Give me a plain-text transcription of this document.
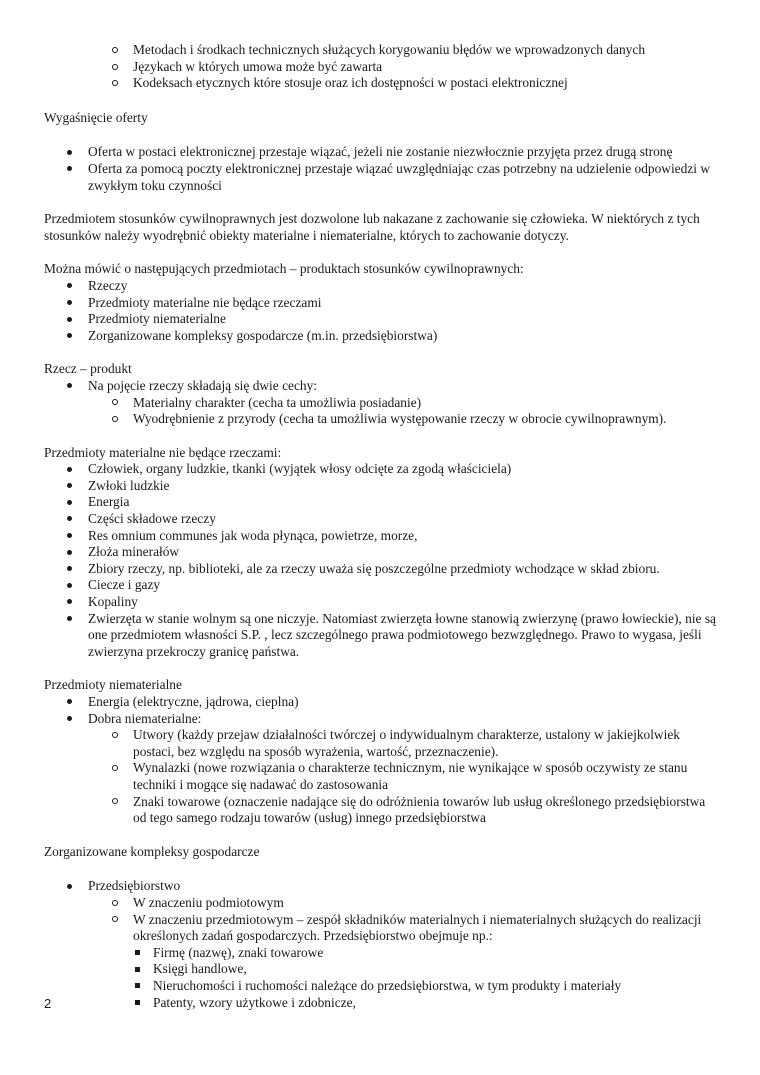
Metodach i środkach technicznych służących korygowaniu błędów we wprowadzonych danych
Językach w których umowa może być zawarta
Kodeksach etycznych które stosuje oraz ich dostępności w postaci elektronicznej

Wygaśnięcie oferty

Oferta w postaci elektronicznej przestaje wiązać, jeżeli nie zostanie niezwłocznie przyjęta przez drugą stronę
Oferta za pomocą poczty elektronicznej przestaje wiązać uwzględniając czas potrzebny na udzielenie odpowiedzi w zwykłym toku czynności

Przedmiotem stosunków cywilnoprawnych jest dozwolone lub nakazane z zachowanie się człowieka. W niektórych z tych stosunków należy wyodrębnić obiekty materialne i niematerialne, których to zachowanie dotyczy.

Można mówić o następujących przedmiotach – produktach stosunków cywilnoprawnych:

Rzeczy
Przedmioty materialne nie będące rzeczami
Przedmioty niematerialne
Zorganizowane kompleksy gospodarcze (m.in. przedsiębiorstwa)

Rzecz – produkt

Na pojęcie rzeczy składają się dwie cechy:
Materialny charakter (cecha ta umożliwia posiadanie)
Wyodrębnienie z przyrody (cecha ta umożliwia występowanie rzeczy w obrocie cywilnoprawnym).

Przedmioty materialne nie będące rzeczami:

Człowiek, organy ludzkie, tkanki (wyjątek włosy odcięte za zgodą właściciela)
Zwłoki ludzkie
Energia
Części składowe rzeczy
Res omnium communes jak woda płynąca, powietrze, morze,
Złoża minerałów
Zbiory rzeczy, np. biblioteki, ale za rzeczy uważa się poszczególne przedmioty wchodzące w skład zbioru.
Ciecze i gazy
Kopaliny
Zwierzęta w stanie wolnym są one niczyje. Natomiast zwierzęta łowne stanowią zwierzynę (prawo łowieckie), nie są one przedmiotem własności S.P. , lecz szczególnego prawa podmiotowego bezwzględnego. Prawo to wygasa, jeśli zwierzyna przekroczy granicę państwa.

Przedmioty niematerialne

Energia (elektryczne, jądrowa, cieplna)
Dobra niematerialne:
Utwory (każdy przejaw działalności twórczej o indywidualnym charakterze, ustalony w jakiejkolwiek postaci, bez względu na sposób wyrażenia, wartość, przeznaczenie).
Wynalazki (nowe rozwiązania o charakterze technicznym, nie wynikające w sposób oczywisty ze stanu techniki i mogące się nadawać do zastosowania
Znaki towarowe (oznaczenie nadające się do odróżnienia towarów lub usług określonego przedsiębiorstwa od tego samego rodzaju towarów (usług) innego przedsiębiorstwa

Zorganizowane kompleksy gospodarcze

Przedsiębiorstwo
W znaczeniu podmiotowym
W znaczeniu przedmiotowym – zespół składników materialnych i niematerialnych służących do realizacji określonych zadań gospodarczych. Przedsiębiorstwo obejmuje np.:
Firmę (nazwę), znaki towarowe
Księgi handlowe,
Nieruchomości i ruchomości należące do przedsiębiorstwa, w tym produkty i materiały
Patenty, wzory użytkowe i zdobnicze,
2
